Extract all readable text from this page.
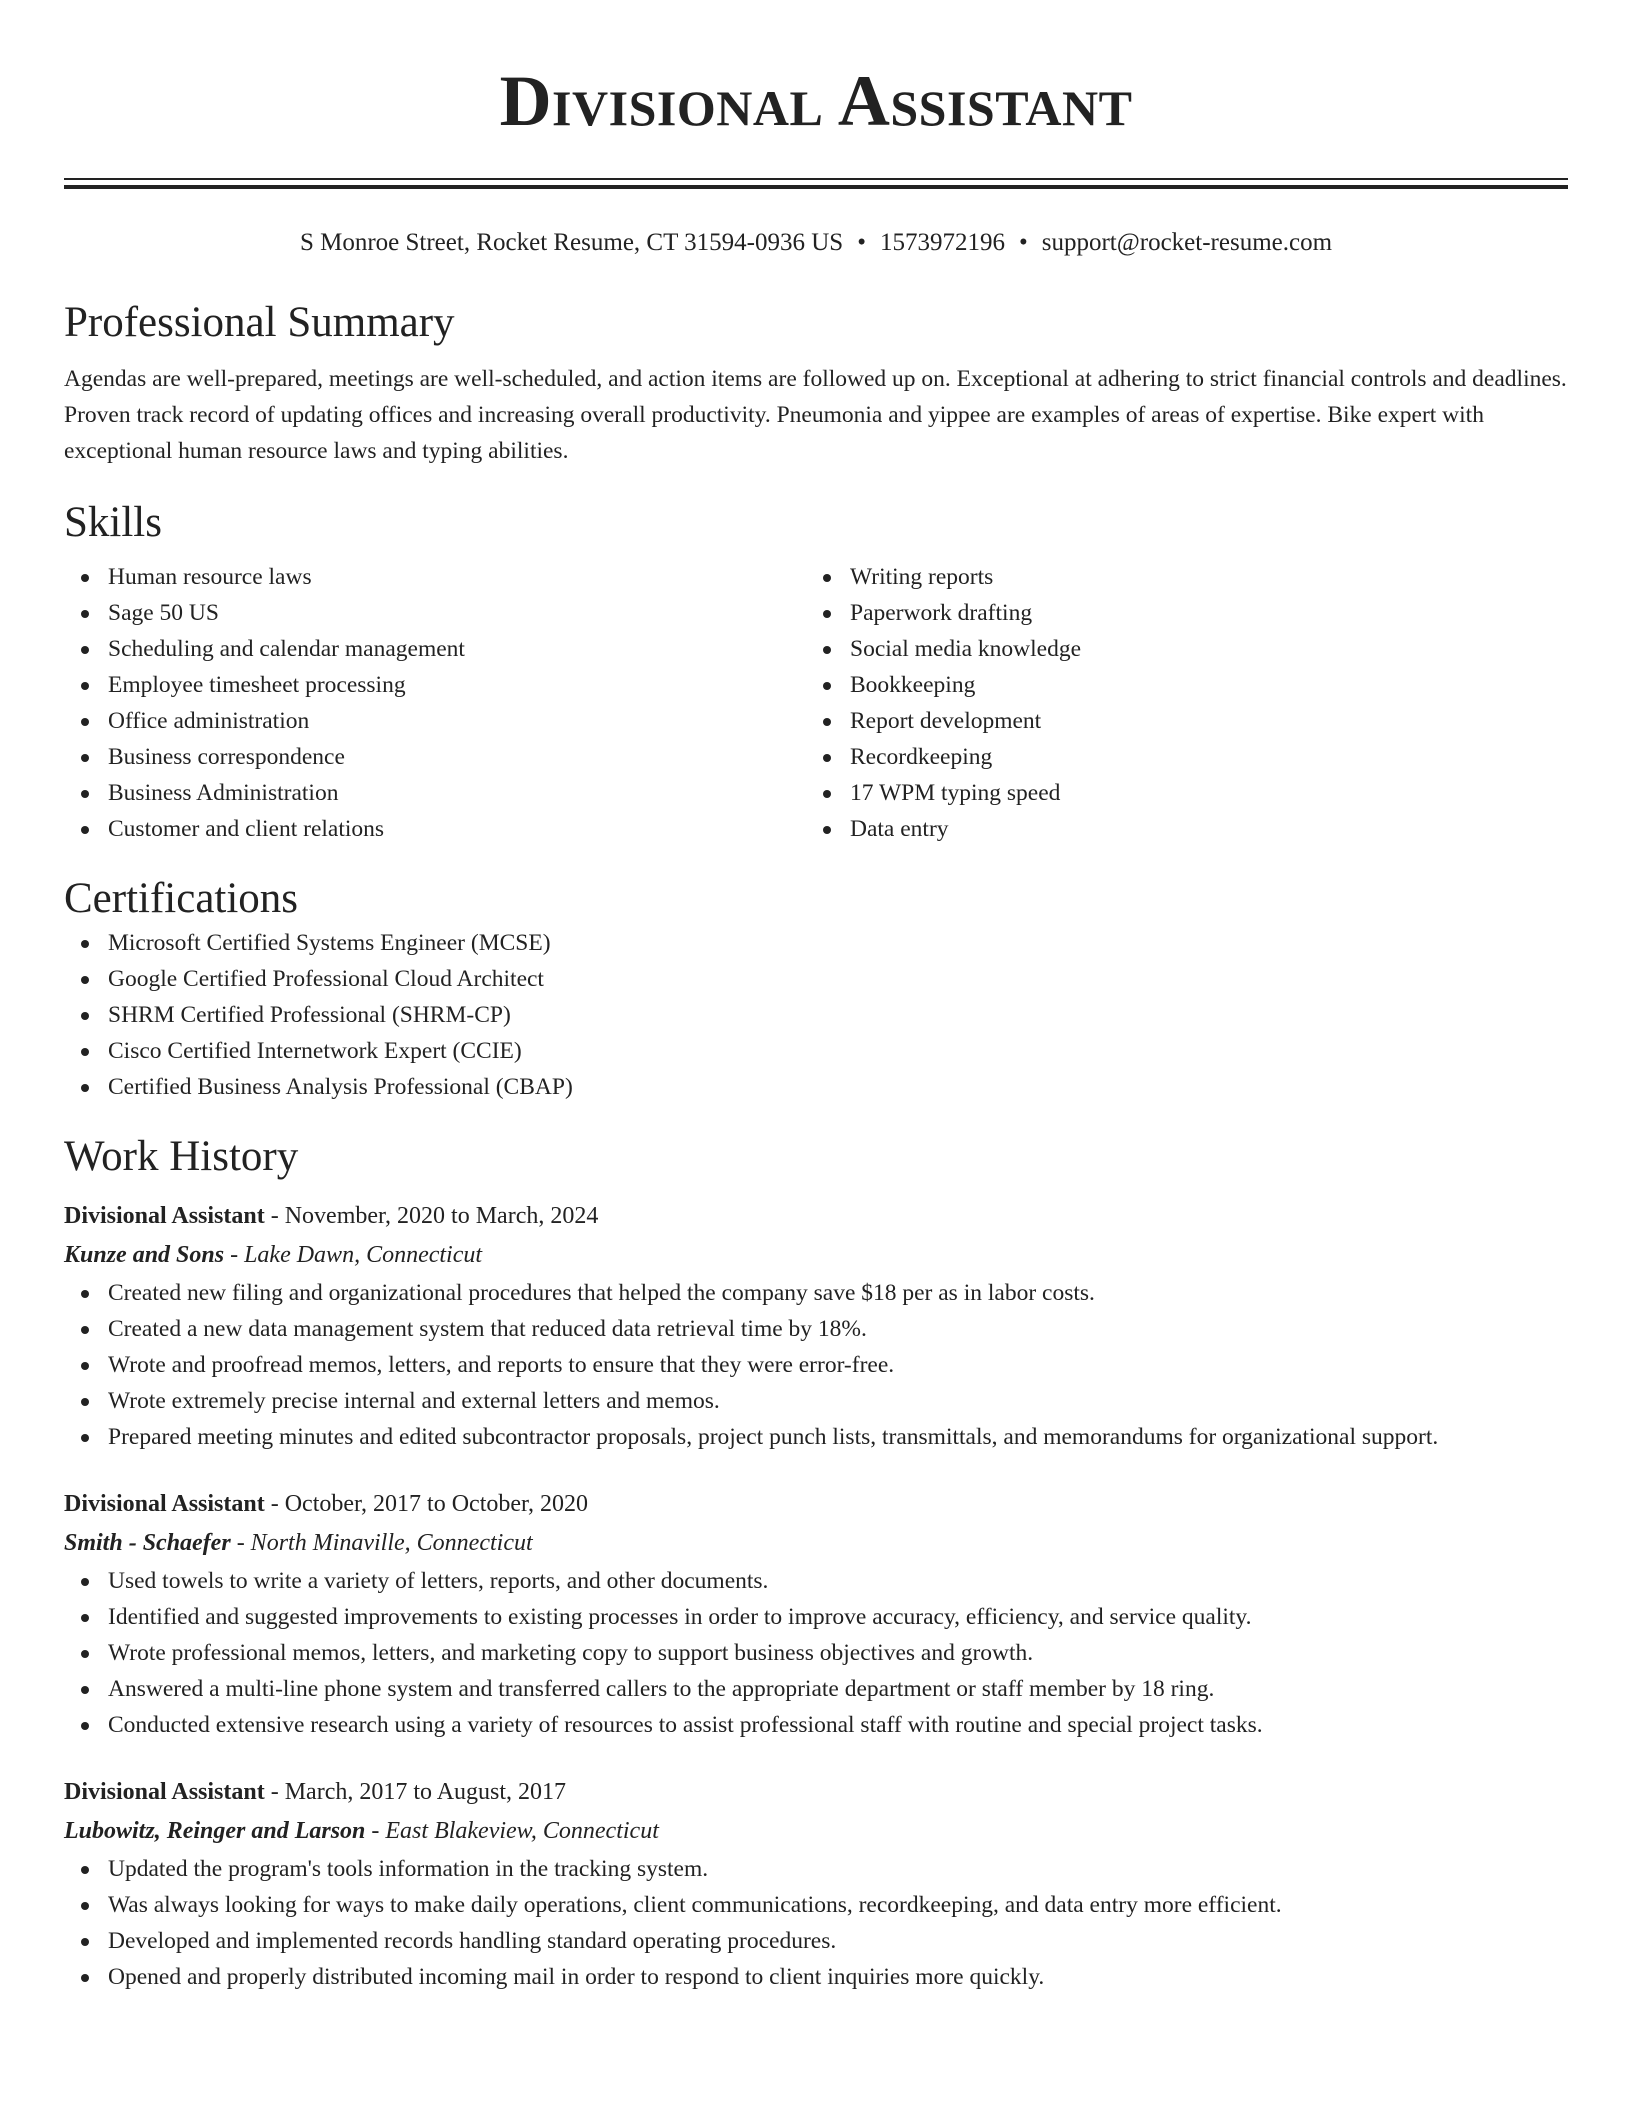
Divisional Assistant
S Monroe Street, Rocket Resume, CT 31594-0936 US • 1573972196 • support@rocket-resume.com
Professional Summary

Agendas are well-prepared, meetings are well-scheduled, and action items are followed up on. Exceptional at adhering to strict financial controls and deadlines. Proven track record of updating offices and increasing overall productivity. Pneumonia and yippee are examples of areas of expertise. Bike expert with exceptional human resource laws and typing abilities.

Skills
Human resource laws
Sage 50 US
Scheduling and calendar management
Employee timesheet processing
Office administration
Business correspondence
Business Administration
Customer and client relations
Writing reports
Paperwork drafting
Social media knowledge
Bookkeeping
Report development
Recordkeeping
17 WPM typing speed
Data entry
Certifications
Microsoft Certified Systems Engineer (MCSE)
Google Certified Professional Cloud Architect
SHRM Certified Professional (SHRM-CP)
Cisco Certified Internetwork Expert (CCIE)
Certified Business Analysis Professional (CBAP)
Work History
Divisional Assistant - November, 2020 to March, 2024
Kunze and Sons - Lake Dawn, Connecticut
Created new filing and organizational procedures that helped the company save $18 per as in labor costs.
Created a new data management system that reduced data retrieval time by 18%.
Wrote and proofread memos, letters, and reports to ensure that they were error-free.
Wrote extremely precise internal and external letters and memos.
Prepared meeting minutes and edited subcontractor proposals, project punch lists, transmittals, and memorandums for organizational support.
Divisional Assistant - October, 2017 to October, 2020
Smith - Schaefer - North Minaville, Connecticut
Used towels to write a variety of letters, reports, and other documents.
Identified and suggested improvements to existing processes in order to improve accuracy, efficiency, and service quality.
Wrote professional memos, letters, and marketing copy to support business objectives and growth.
Answered a multi-line phone system and transferred callers to the appropriate department or staff member by 18 ring.
Conducted extensive research using a variety of resources to assist professional staff with routine and special project tasks.
Divisional Assistant - March, 2017 to August, 2017
Lubowitz, Reinger and Larson - East Blakeview, Connecticut
Updated the program's tools information in the tracking system.
Was always looking for ways to make daily operations, client communications, recordkeeping, and data entry more efficient.
Developed and implemented records handling standard operating procedures.
Opened and properly distributed incoming mail in order to respond to client inquiries more quickly.
